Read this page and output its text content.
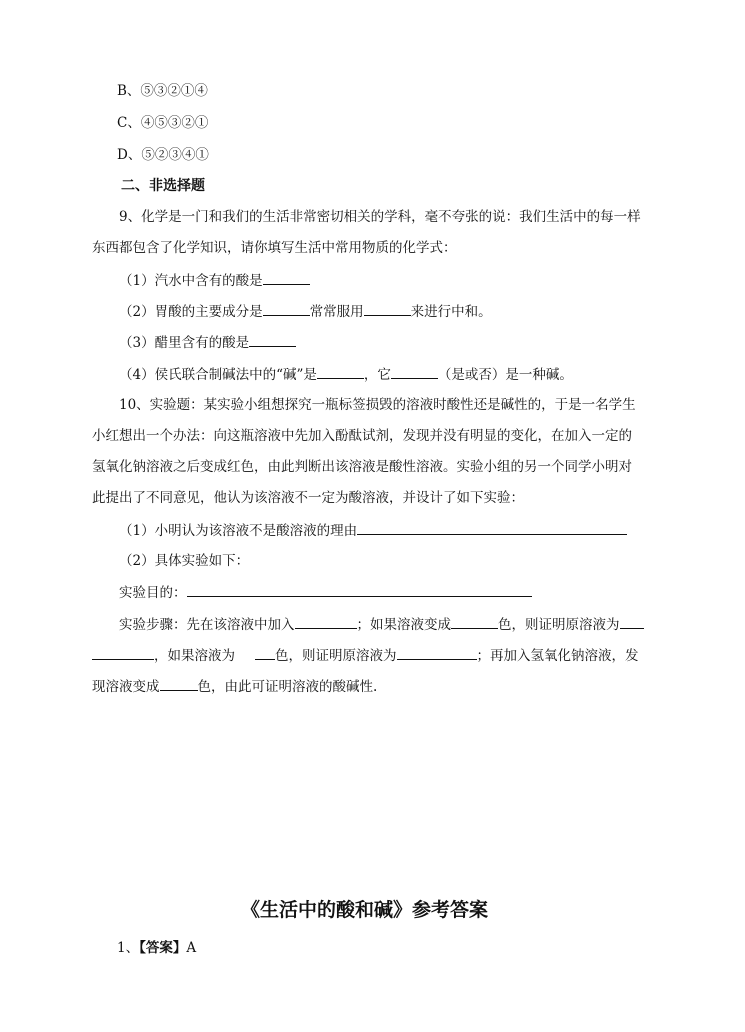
B、⑤③②①④
C、④⑤③②①
D、⑤②③④①
二、非选择题
9、化学是一门和我们的生活非常密切相关的学科，毫不夸张的说：我们生活中的每一样
东西都包含了化学知识，请你填写生活中常用物质的化学式：
（1）汽水中含有的酸是
（2）胃酸的主要成分是	常常服用	来进行中和。
（3）醋里含有的酸是
（4）侯氏联合制碱法中的“碱”是	，它	（是或否）是一种碱。
10、实验题：某实验小组想探究一瓶标签损毁的溶液时酸性还是碱性的，于是一名学生
小红想出一个办法：向这瓶溶液中先加入酚酞试剂，发现并没有明显的变化，在加入一定的
氢氧化钠溶液之后变成红色，由此判断出该溶液是酸性溶液。实验小组的另一个同学小明对
此提出了不同意见，他认为该溶液不一定为酸溶液，并设计了如下实验：
（1）小明认为该溶液不是酸溶液的理由
（2）具体实验如下：
实验目的：
实验步骤：先在该溶液中加入	；如果溶液变成	色，则证明原溶液为
，如果溶液为	色，则证明原溶液为	；再加入氢氧化钠溶液，发
现溶液变成	色，由此可证明溶液的酸碱性.
《生活中的酸和碱》参考答案
1、【答案】A
